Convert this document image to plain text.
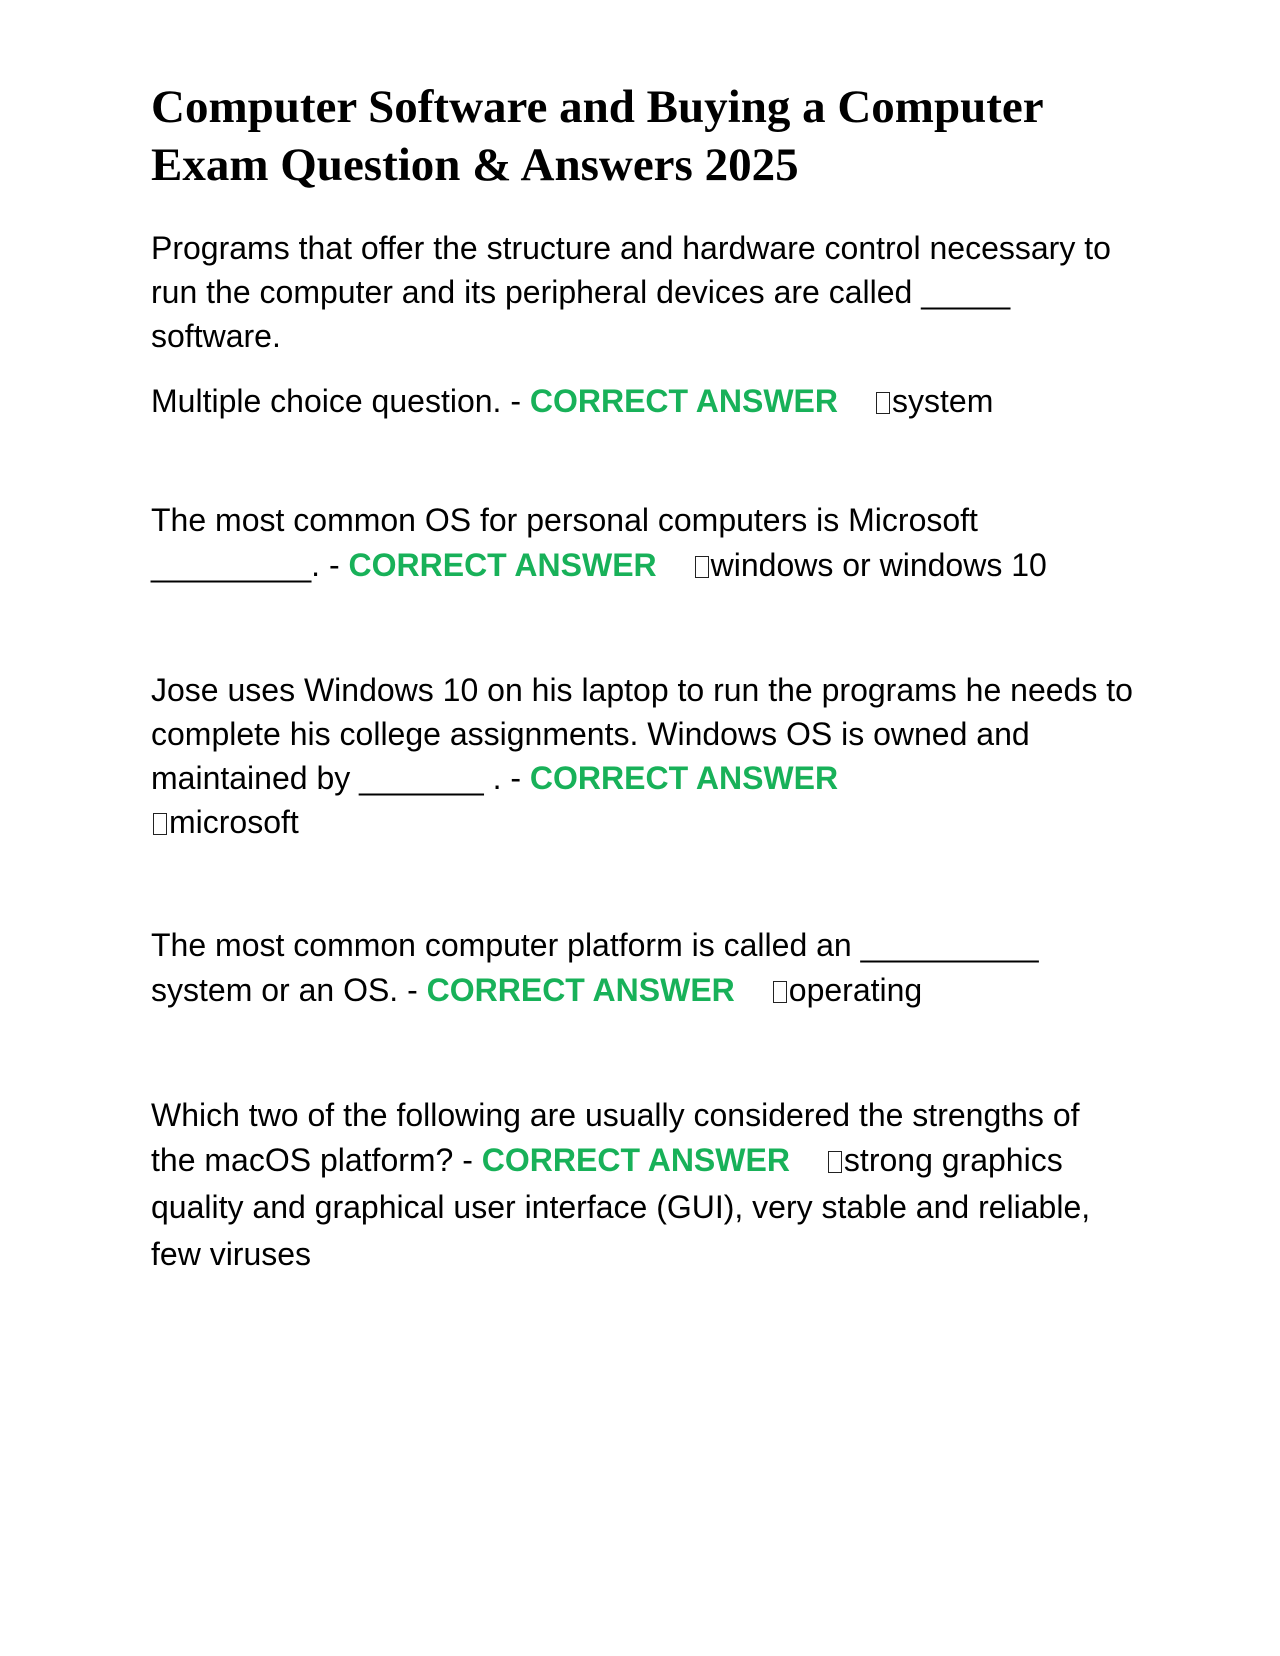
Computer Software and Buying a Computer Exam Question & Answers 2025

Programs that offer the structure and hardware control necessary to run the computer and its peripheral devices are called _____ software.

Multiple choice question. - CORRECT ANSWER system

The most common OS for personal computers is Microsoft

_________. - CORRECT ANSWER windows or windows 10

Jose uses Windows 10 on his laptop to run the programs he needs to complete his college assignments. Windows OS is owned and maintained by _______ . - CORRECT ANSWER
microsoft

The most common computer platform is called an __________

system or an OS. - CORRECT ANSWER operating

Which two of the following are usually considered the strengths of

the macOS platform? - CORRECT ANSWER strong graphics quality and graphical user interface (GUI), very stable and reliable, few viruses
